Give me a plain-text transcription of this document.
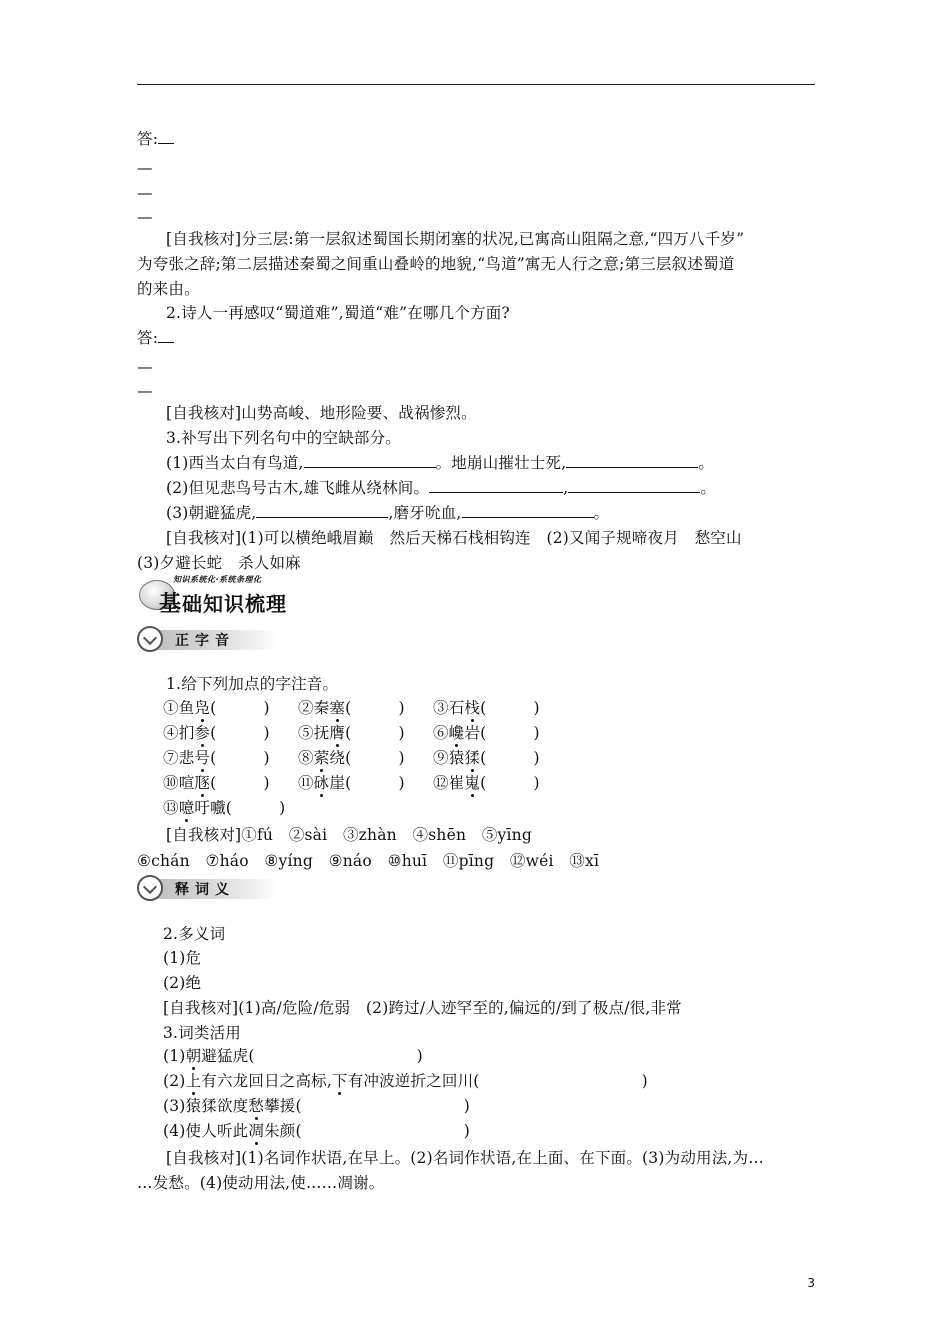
答:
—
—
—
[自我核对]分三层:第一层叙述蜀国长期闭塞的状况,已寓高山阻隔之意,“四万八千岁”
为夸张之辞;第二层描述秦蜀之间重山叠岭的地貌,“鸟道”寓无人行之意;第三层叙述蜀道
的来由。
2.诗人一再感叹“蜀道难”,蜀道“难”在哪几个方面?
答:
—
—
[自我核对]山势高峻、地形险要、战祸惨烈。
3.补写出下列名句中的空缺部分。
(1)西当太白有鸟道,	。地崩山摧壮士死,	。
(2)但见悲鸟号古木,雄飞雌从绕林间。	,	。
(3)朝避猛虎,	,磨牙吮血,	。
[自我核对](1)可以横绝峨眉巅　然后天梯石栈相钩连　(2)又闻子规啼夜月　愁空山
(3)夕避长蛇　杀人如麻
知识系统化·系统条理化
基础知识梳理
正字音
1.给下列加点的字注音。
①鱼凫(　　　) ②秦塞(　　　) ③石栈(　　　)
④扪参(　　　) ⑤抚膺(　　　) ⑥巉岩(　　　)
⑦悲号(　　　) ⑧萦绕(　　　) ⑨猿猱(　　　)
⑩喧豗(　　　) ⑪砯崖(　　　) ⑫崔嵬(　　　)
⑬噫吁嚱(　　　)
[自我核对]①fú　②sài　③zhàn　④shēn　⑤yīng
⑥chán　⑦háo　⑧yíng　⑨náo　⑩huī　⑪pīng　⑫wéi　⑬xī
释词义
2.多义词
(1)危
(2)绝
[自我核对](1)高/危险/危弱　(2)跨过/人迹罕至的,偏远的/到了极点/很,非常
3.词类活用
(1)朝避猛虎(	)
(2)上有六龙回日之高标,下有冲波逆折之回川(	)
(3)猿猱欲度愁攀援(	)
(4)使人听此凋朱颜(	)
[自我核对](1)名词作状语,在早上。(2)名词作状语,在上面、在下面。(3)为动用法,为…
…发愁。(4)使动用法,使……凋谢。
3
